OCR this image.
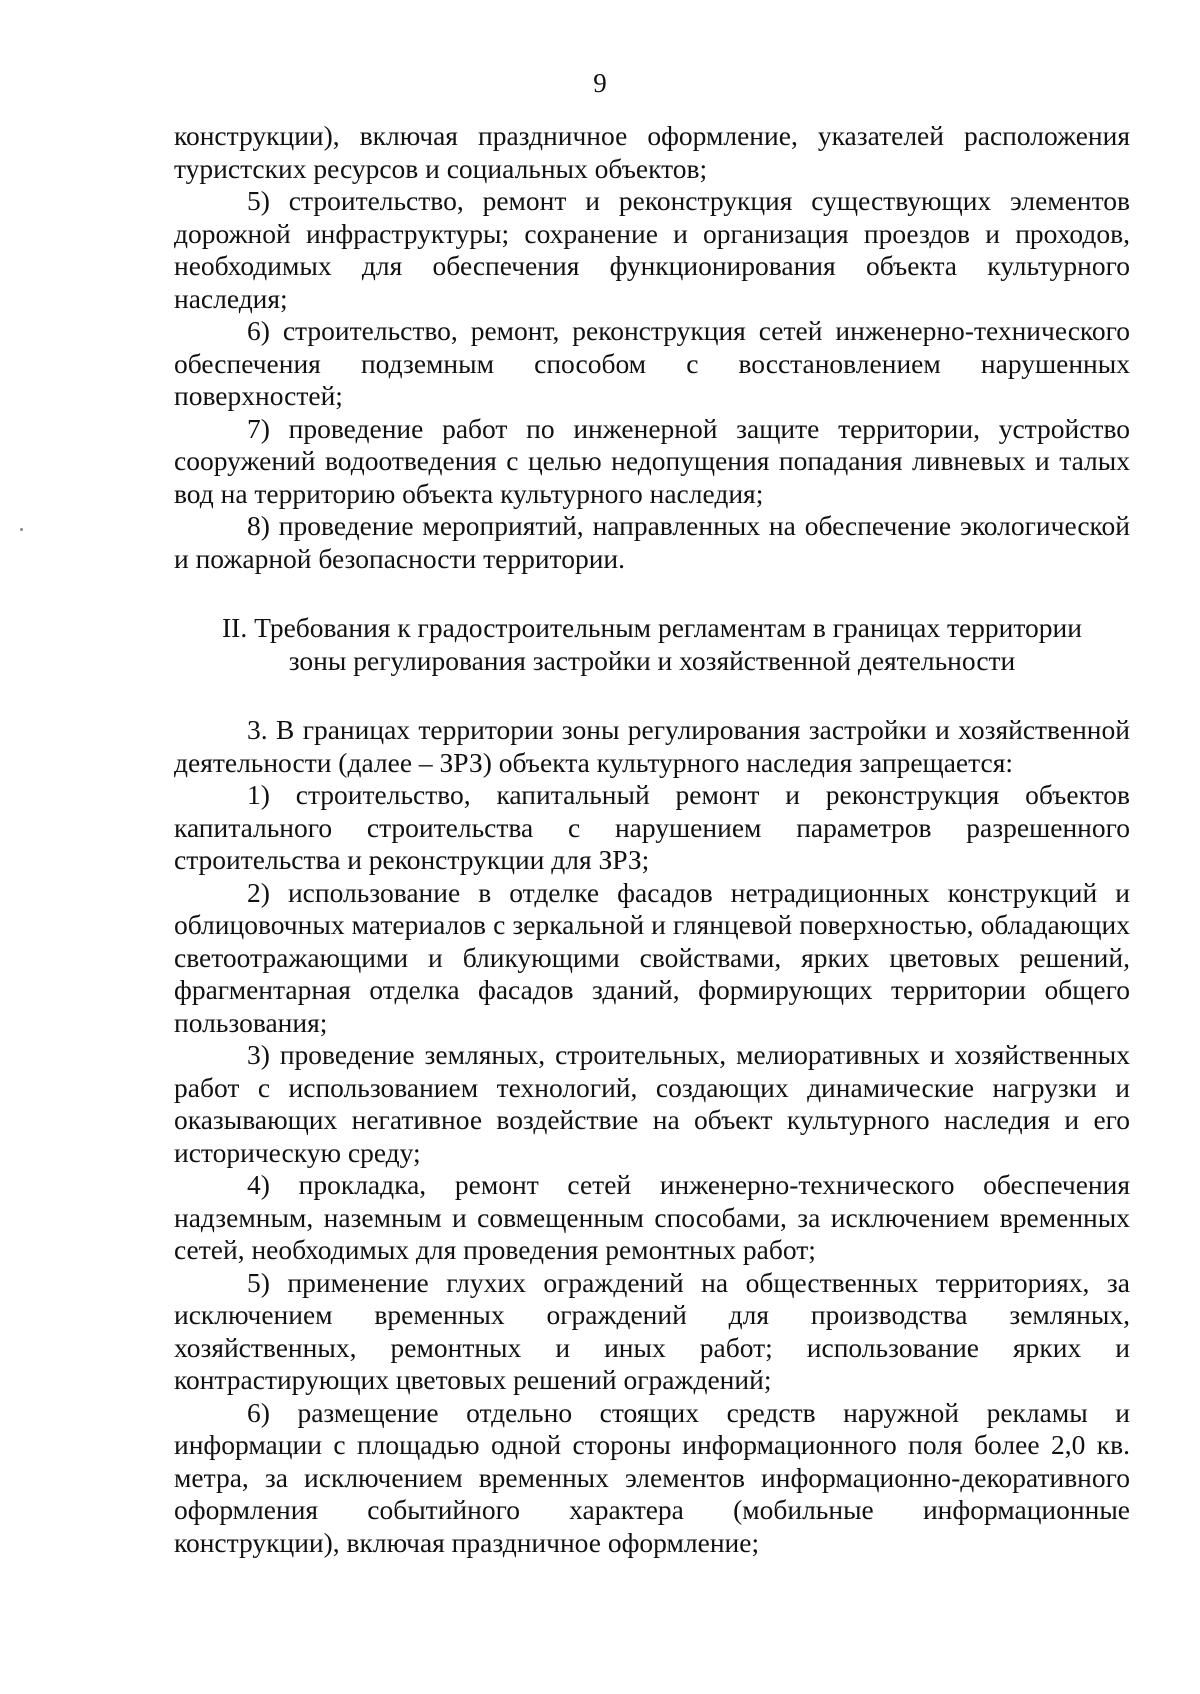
9

конструкции), включая праздничное оформление, указателей расположения туристских ресурсов и социальных объектов;

5) строительство, ремонт и реконструкция существующих элементов дорожной инфраструктуры; сохранение и организация проездов и проходов, необходимых для обеспечения функционирования объекта культурного наследия;

6) строительство, ремонт, реконструкция сетей инженерно-технического обеспечения подземным способом с восстановлением нарушенных поверхностей;

7) проведение работ по инженерной защите территории, устройство сооружений водоотведения с целью недопущения попадания ливневых и талых вод на территорию объекта культурного наследия;

8) проведение мероприятий, направленных на обеспечение экологической и пожарной безопасности территории.

II. Требования к градостроительным регламентам в границах территории
зоны регулирования застройки и хозяйственной деятельности

3. В границах территории зоны регулирования застройки и хозяйственной деятельности (далее – ЗРЗ) объекта культурного наследия запрещается:

1) строительство, капитальный ремонт и реконструкция объектов капитального строительства с нарушением параметров разрешенного строительства и реконструкции для ЗРЗ;

2) использование в отделке фасадов нетрадиционных конструкций и облицовочных материалов с зеркальной и глянцевой поверхностью, обладающих светоотражающими и бликующими свойствами, ярких цветовых решений, фрагментарная отделка фасадов зданий, формирующих территории общего пользования;

3) проведение земляных, строительных, мелиоративных и хозяйственных работ с использованием технологий, создающих динамические нагрузки и оказывающих негативное воздействие на объект культурного наследия и его историческую среду;

4) прокладка, ремонт сетей инженерно-технического обеспечения надземным, наземным и совмещенным способами, за исключением временных сетей, необходимых для проведения ремонтных работ;

5) применение глухих ограждений на общественных территориях, за исключением временных ограждений для производства земляных, хозяйственных, ремонтных и иных работ; использование ярких и контрастирующих цветовых решений ограждений;

6) размещение отдельно стоящих средств наружной рекламы и информации с площадью одной стороны информационного поля более 2,0 кв. метра, за исключением временных элементов информационно-декоративного оформления событийного характера (мобильные информационные конструкции), включая праздничное оформление;
